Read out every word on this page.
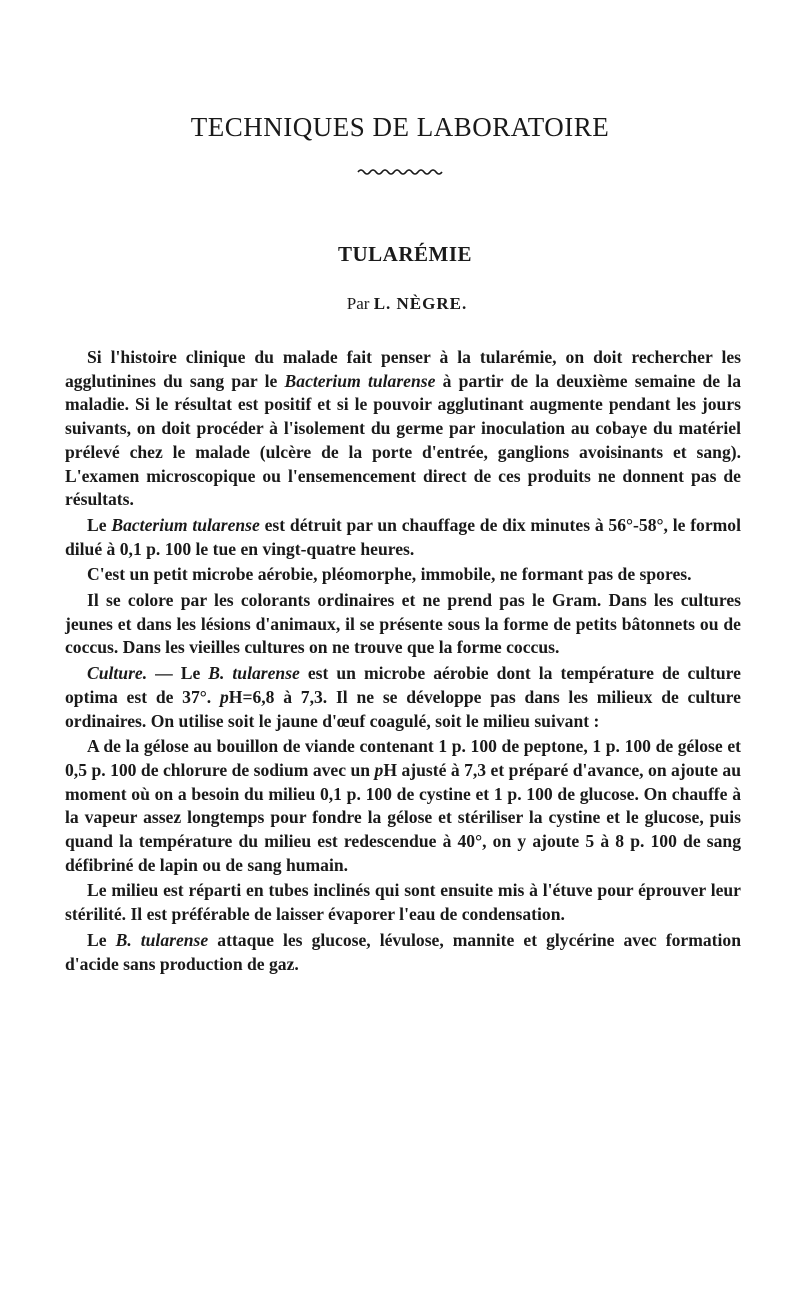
TECHNIQUES DE LABORATOIRE
TULARÉMIE
Par L. NÈGRE.

Si l'histoire clinique du malade fait penser à la tularémie, on doit rechercher les agglutinines du sang par le Bacterium tularense à partir de la deuxième semaine de la maladie. Si le résultat est positif et si le pouvoir agglutinant augmente pendant les jours suivants, on doit procéder à l'isolement du germe par inoculation au cobaye du matériel prélevé chez le malade (ulcère de la porte d'entrée, ganglions avoisinants et sang). L'examen microscopique ou l'ensemencement direct de ces produits ne donnent pas de résultats.

Le Bacterium tularense est détruit par un chauffage de dix minutes à 56°-58°, le formol dilué à 0,1 p. 100 le tue en vingt-quatre heures.

C'est un petit microbe aérobie, pléomorphe, immobile, ne formant pas de spores.

Il se colore par les colorants ordinaires et ne prend pas le Gram. Dans les cultures jeunes et dans les lésions d'animaux, il se présente sous la forme de petits bâtonnets ou de coccus. Dans les vieilles cultures on ne trouve que la forme coccus.

Culture. — Le B. tularense est un microbe aérobie dont la température de culture optima est de 37°. pH=6,8 à 7,3. Il ne se développe pas dans les milieux de culture ordinaires. On utilise soit le jaune d'œuf coagulé, soit le milieu suivant :

A de la gélose au bouillon de viande contenant 1 p. 100 de peptone, 1 p. 100 de gélose et 0,5 p. 100 de chlorure de sodium avec un pH ajusté à 7,3 et préparé d'avance, on ajoute au moment où on a besoin du milieu 0,1 p. 100 de cystine et 1 p. 100 de glucose. On chauffe à la vapeur assez longtemps pour fondre la gélose et stériliser la cystine et le glucose, puis quand la température du milieu est redescendue à 40°, on y ajoute 5 à 8 p. 100 de sang défibriné de lapin ou de sang humain.

Le milieu est réparti en tubes inclinés qui sont ensuite mis à l'étuve pour éprouver leur stérilité. Il est préférable de laisser évaporer l'eau de condensation.

Le B. tularense attaque les glucose, lévulose, mannite et glycérine avec formation d'acide sans production de gaz.
